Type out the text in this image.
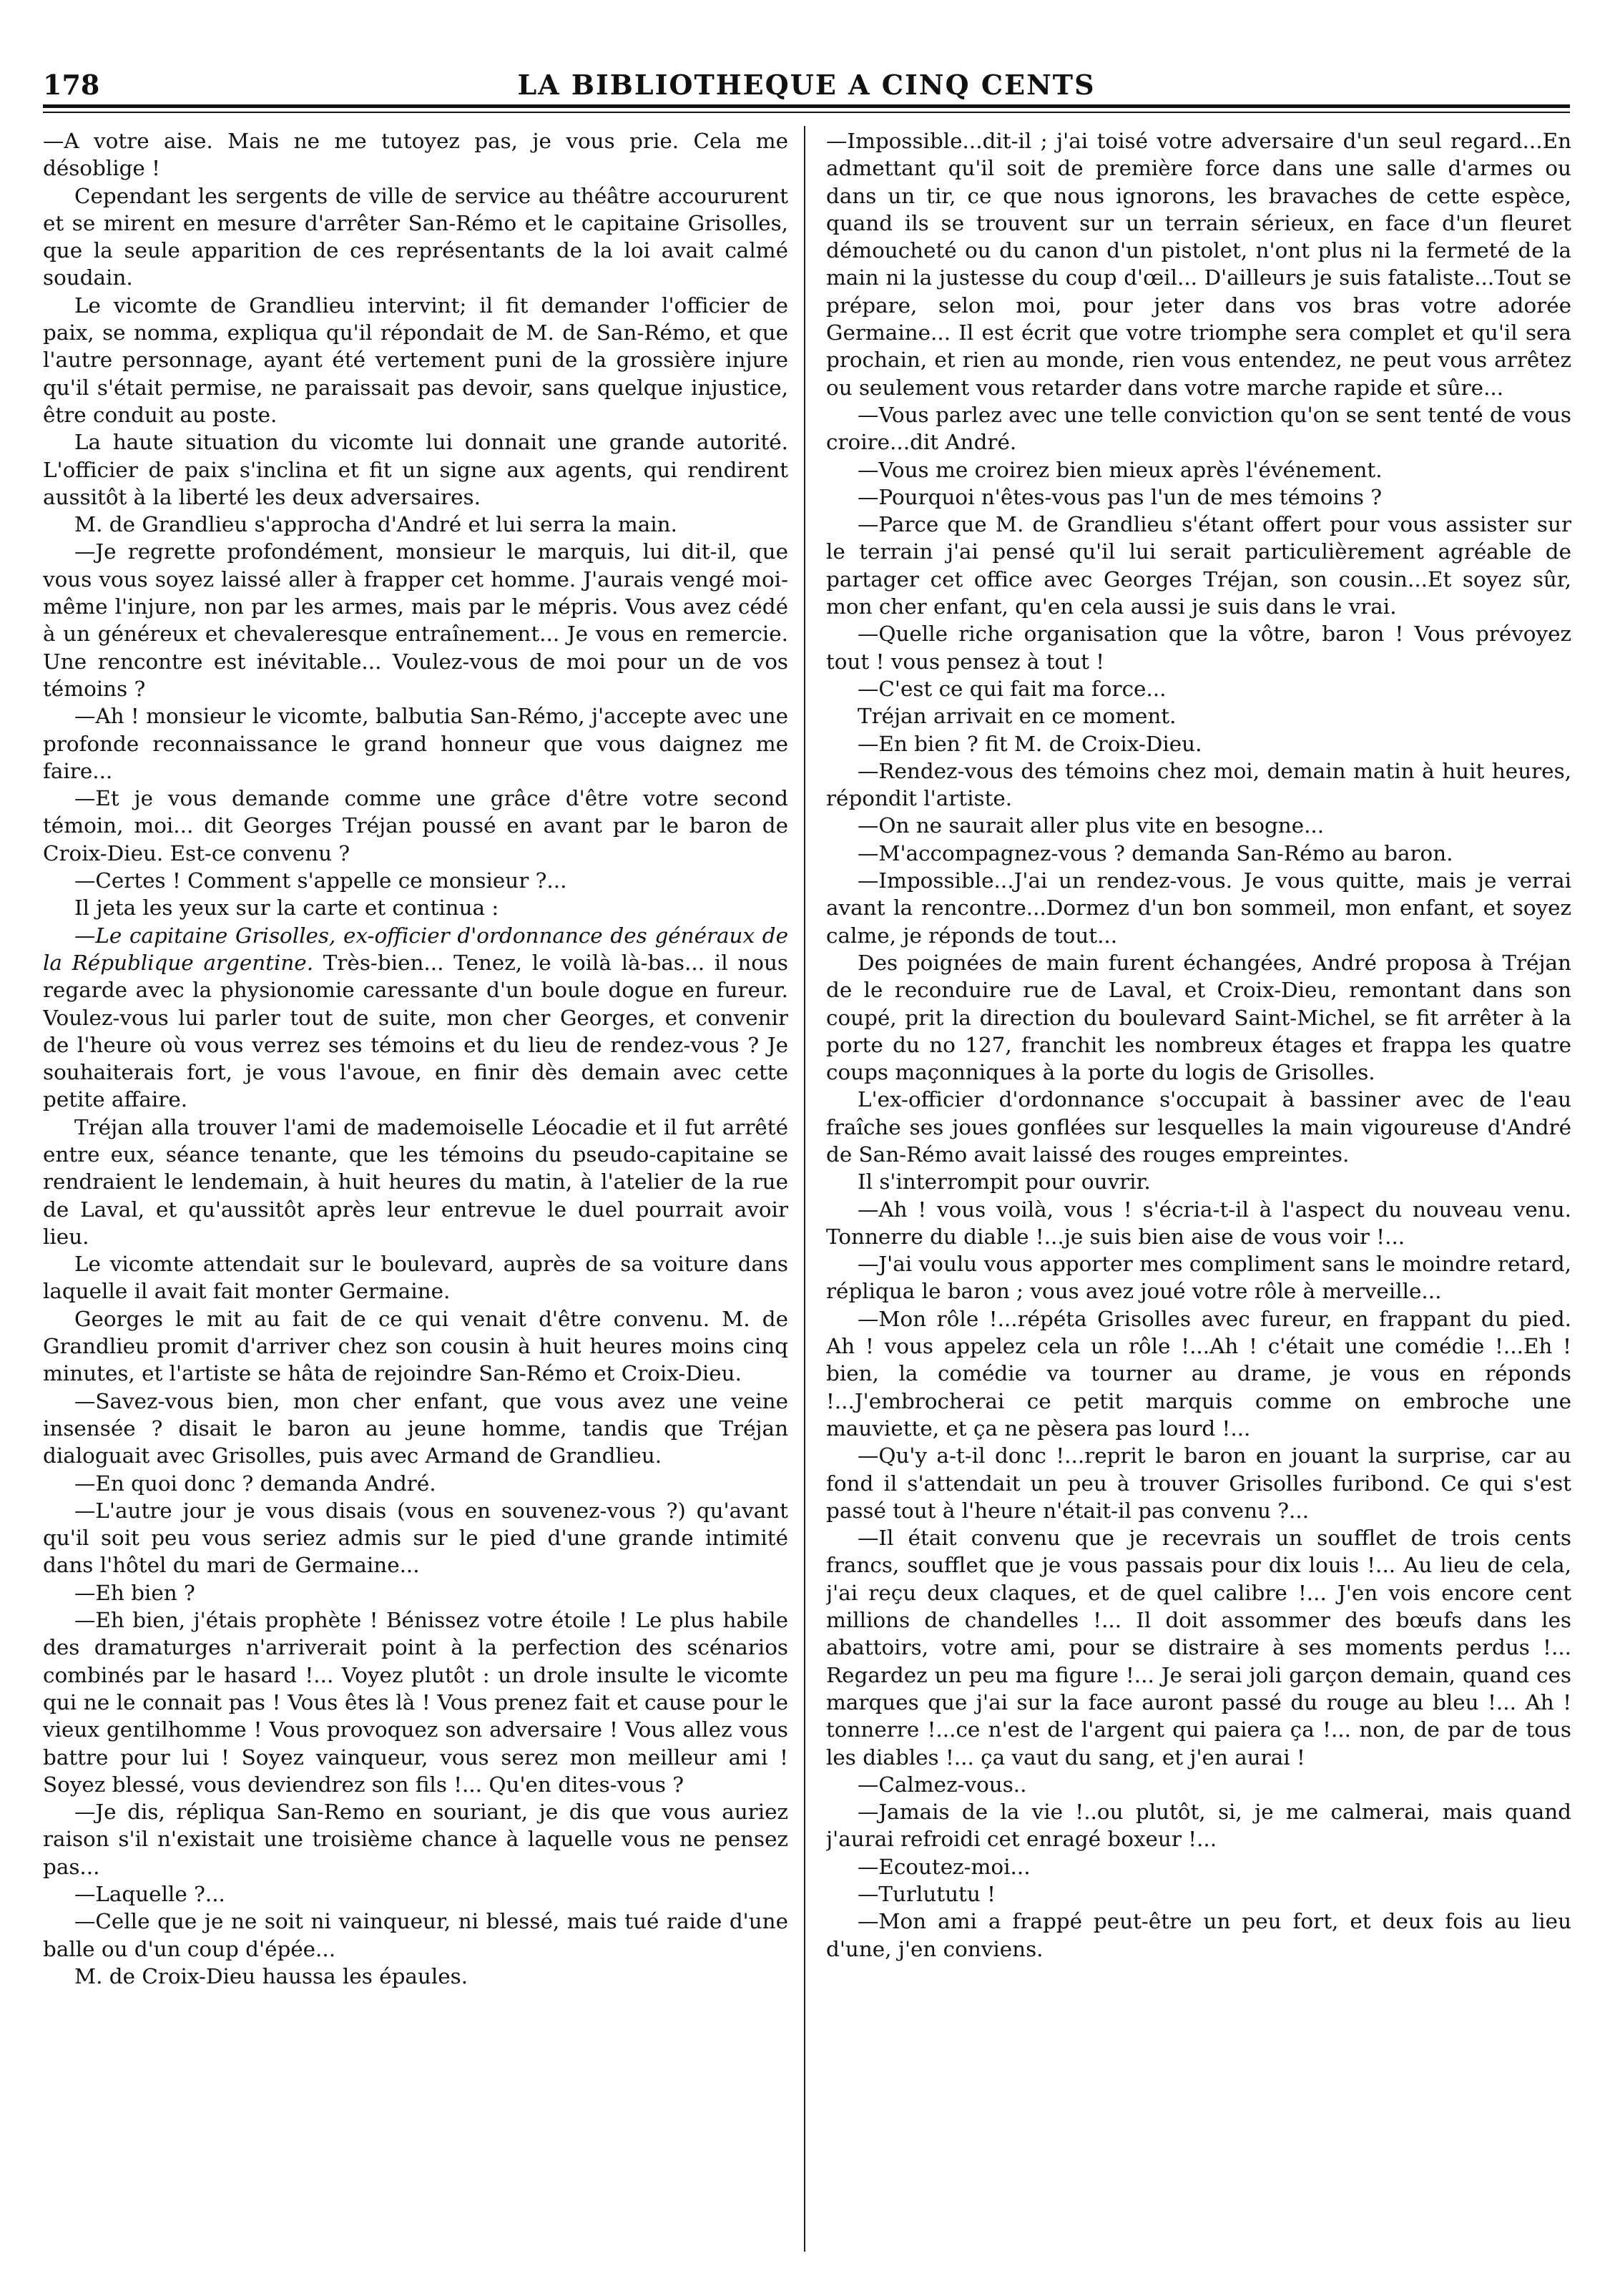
178	LA BIBLIOTHEQUE A CINQ CENTS

—A votre aise. Mais ne me tutoyez pas, je vous prie. Cela me désoblige !

Cependant les sergents de ville de service au théâtre accoururent et se mirent en mesure d'arrêter San-Rémo et le capitaine Grisolles, que la seule apparition de ces représentants de la loi avait calmé soudain.

Le vicomte de Grandlieu intervint; il fit demander l'officier de paix, se nomma, expliqua qu'il répondait de M. de San-Rémo, et que l'autre personnage, ayant été vertement puni de la grossière injure qu'il s'était permise, ne paraissait pas devoir, sans quelque injustice, être conduit au poste.

La haute situation du vicomte lui donnait une grande autorité. L'officier de paix s'inclina et fit un signe aux agents, qui rendirent aussitôt à la liberté les deux adversaires.

M. de Grandlieu s'approcha d'André et lui serra la main.

—Je regrette profondément, monsieur le marquis, lui dit-il, que vous vous soyez laissé aller à frapper cet homme. J'aurais vengé moi-même l'injure, non par les armes, mais par le mépris. Vous avez cédé à un généreux et chevaleresque entraînement... Je vous en remercie. Une rencontre est inévitable... Voulez-vous de moi pour un de vos témoins ?

—Ah ! monsieur le vicomte, balbutia San-Rémo, j'accepte avec une profonde reconnaissance le grand honneur que vous daignez me faire...

—Et je vous demande comme une grâce d'être votre second témoin, moi... dit Georges Tréjan poussé en avant par le baron de Croix-Dieu. Est-ce convenu ?

—Certes ! Comment s'appelle ce monsieur ?...

Il jeta les yeux sur la carte et continua :

—Le capitaine Grisolles, ex-officier d'ordonnance des généraux de la République argentine. Très-bien... Tenez, le voilà là-bas... il nous regarde avec la physionomie caressante d'un boule dogue en fureur. Voulez-vous lui parler tout de suite, mon cher Georges, et convenir de l'heure où vous verrez ses témoins et du lieu de rendez-vous ? Je souhaiterais fort, je vous l'avoue, en finir dès demain avec cette petite affaire.

Tréjan alla trouver l'ami de mademoiselle Léocadie et il fut arrêté entre eux, séance tenante, que les témoins du pseudo-capitaine se rendraient le lendemain, à huit heures du matin, à l'atelier de la rue de Laval, et qu'aussitôt après leur entrevue le duel pourrait avoir lieu.

Le vicomte attendait sur le boulevard, auprès de sa voiture dans laquelle il avait fait monter Germaine.

Georges le mit au fait de ce qui venait d'être convenu. M. de Grandlieu promit d'arriver chez son cousin à huit heures moins cinq minutes, et l'artiste se hâta de rejoindre San-Rémo et Croix-Dieu.

—Savez-vous bien, mon cher enfant, que vous avez une veine insensée ? disait le baron au jeune homme, tandis que Tréjan dialoguait avec Grisolles, puis avec Armand de Grandlieu.

—En quoi donc ? demanda André.

—L'autre jour je vous disais (vous en souvenez-vous ?) qu'avant qu'il soit peu vous seriez admis sur le pied d'une grande intimité dans l'hôtel du mari de Germaine...

—Eh bien ?

—Eh bien, j'étais prophète ! Bénissez votre étoile ! Le plus habile des dramaturges n'arriverait point à la perfection des scénarios combinés par le hasard !... Voyez plutôt : un drole insulte le vicomte qui ne le connait pas ! Vous êtes là ! Vous prenez fait et cause pour le vieux gentilhomme ! Vous provoquez son adversaire ! Vous allez vous battre pour lui ! Soyez vainqueur, vous serez mon meilleur ami ! Soyez blessé, vous deviendrez son fils !... Qu'en dites-vous ?

—Je dis, répliqua San-Remo en souriant, je dis que vous auriez raison s'il n'existait une troisième chance à laquelle vous ne pensez pas...

—Laquelle ?...

—Celle que je ne soit ni vainqueur, ni blessé, mais tué raide d'une balle ou d'un coup d'épée...

M. de Croix-Dieu haussa les épaules.

—Impossible...dit-il ; j'ai toisé votre adversaire d'un seul regard...En admettant qu'il soit de première force dans une salle d'armes ou dans un tir, ce que nous ignorons, les bravaches de cette espèce, quand ils se trouvent sur un terrain sérieux, en face d'un fleuret démoucheté ou du canon d'un pistolet, n'ont plus ni la fermeté de la main ni la justesse du coup d'œil... D'ailleurs je suis fataliste...Tout se prépare, selon moi, pour jeter dans vos bras votre adorée Germaine... Il est écrit que votre triomphe sera complet et qu'il sera prochain, et rien au monde, rien vous entendez, ne peut vous arrêtez ou seulement vous retarder dans votre marche rapide et sûre...

—Vous parlez avec une telle conviction qu'on se sent tenté de vous croire...dit André.

—Vous me croirez bien mieux après l'événement.

—Pourquoi n'êtes-vous pas l'un de mes témoins ?

—Parce que M. de Grandlieu s'étant offert pour vous assister sur le terrain j'ai pensé qu'il lui serait particulièrement agréable de partager cet office avec Georges Tréjan, son cousin...Et soyez sûr, mon cher enfant, qu'en cela aussi je suis dans le vrai.

—Quelle riche organisation que la vôtre, baron ! Vous prévoyez tout ! vous pensez à tout !

—C'est ce qui fait ma force...

Tréjan arrivait en ce moment.

—En bien ? fit M. de Croix-Dieu.

—Rendez-vous des témoins chez moi, demain matin à huit heures, répondit l'artiste.

—On ne saurait aller plus vite en besogne...

—M'accompagnez-vous ? demanda San-Rémo au baron.

—Impossible...J'ai un rendez-vous. Je vous quitte, mais je verrai avant la rencontre...Dormez d'un bon sommeil, mon enfant, et soyez calme, je réponds de tout...

Des poignées de main furent échangées, André proposa à Tréjan de le reconduire rue de Laval, et Croix-Dieu, remontant dans son coupé, prit la direction du boulevard Saint-Michel, se fit arrêter à la porte du no 127, franchit les nombreux étages et frappa les quatre coups maçonniques à la porte du logis de Grisolles.

L'ex-officier d'ordonnance s'occupait à bassiner avec de l'eau fraîche ses joues gonflées sur lesquelles la main vigoureuse d'André de San-Rémo avait laissé des rouges empreintes.

Il s'interrompit pour ouvrir.

—Ah ! vous voilà, vous ! s'écria-t-il à l'aspect du nouveau venu. Tonnerre du diable !...je suis bien aise de vous voir !...

—J'ai voulu vous apporter mes compliment sans le moindre retard, répliqua le baron ; vous avez joué votre rôle à merveille...

—Mon rôle !...répéta Grisolles avec fureur, en frappant du pied. Ah ! vous appelez cela un rôle !...Ah ! c'était une comédie !...Eh ! bien, la comédie va tourner au drame, je vous en réponds !...J'embrocherai ce petit marquis comme on embroche une mauviette, et ça ne pèsera pas lourd !...

—Qu'y a-t-il donc !...reprit le baron en jouant la surprise, car au fond il s'attendait un peu à trouver Grisolles furibond. Ce qui s'est passé tout à l'heure n'était-il pas convenu ?...

—Il était convenu que je recevrais un soufflet de trois cents francs, soufflet que je vous passais pour dix louis !... Au lieu de cela, j'ai reçu deux claques, et de quel calibre !... J'en vois encore cent millions de chandelles !... Il doit assommer des bœufs dans les abattoirs, votre ami, pour se distraire à ses moments perdus !... Regardez un peu ma figure !... Je serai joli garçon demain, quand ces marques que j'ai sur la face auront passé du rouge au bleu !... Ah ! tonnerre !...ce n'est de l'argent qui paiera ça !... non, de par de tous les diables !... ça vaut du sang, et j'en aurai !

—Calmez-vous..

—Jamais de la vie !..ou plutôt, si, je me calmerai, mais quand j'aurai refroidi cet enragé boxeur !...

—Ecoutez-moi...

—Turlututu !

—Mon ami a frappé peut-être un peu fort, et deux fois au lieu d'une, j'en conviens.
